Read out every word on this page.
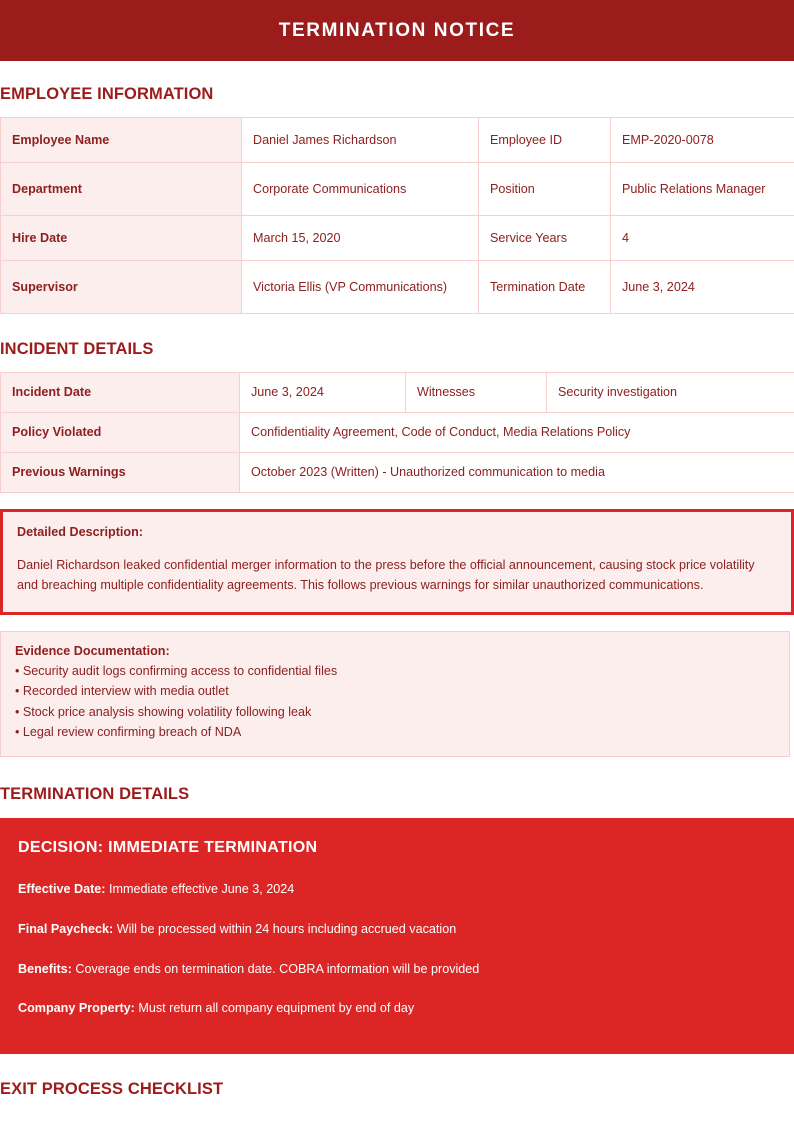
TERMINATION NOTICE
EMPLOYEE INFORMATION
Employee Name	Daniel James Richardson	Employee ID	EMP-2020-0078
Department	Corporate Communications	Position	Public Relations Manager
Hire Date	March 15, 2020	Service Years	4
Supervisor	Victoria Ellis (VP Communications)	Termination Date	June 3, 2024
INCIDENT DETAILS
Incident Date	June 3, 2024	Witnesses	Security investigation
Policy Violated	Confidentiality Agreement, Code of Conduct, Media Relations Policy		
Previous Warnings	October 2023 (Written) - Unauthorized communication to media		
Detailed Description:

Daniel Richardson leaked confidential merger information to the press before the official announcement, causing stock price volatility and breaching multiple confidentiality agreements. This follows previous warnings for similar unauthorized communications.

Evidence Documentation:
• Security audit logs confirming access to confidential files
• Recorded interview with media outlet
• Stock price analysis showing volatility following leak
• Legal review confirming breach of NDA
TERMINATION DETAILS
DECISION: IMMEDIATE TERMINATION

Effective Date: Immediate effective June 3, 2024

Final Paycheck: Will be processed within 24 hours including accrued vacation

Benefits: Coverage ends on termination date. COBRA information will be provided

Company Property: Must return all company equipment by end of day

EXIT PROCESS CHECKLIST
